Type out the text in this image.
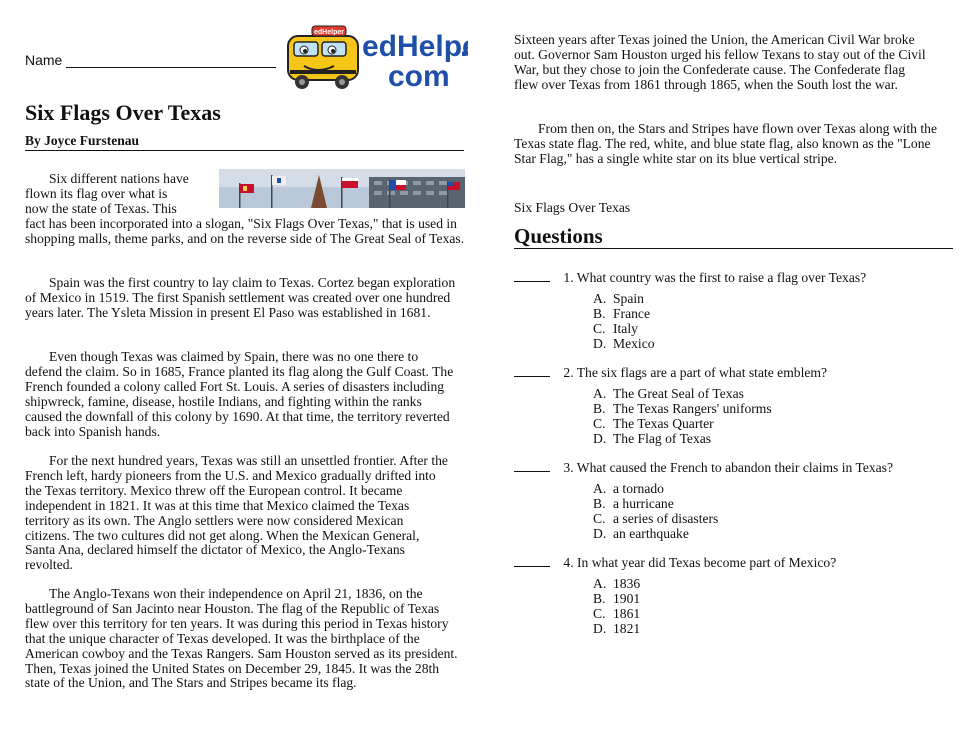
Name
edHelper edHelp
.
com
Six Flags Over Texas
By Joyce Furstenau
Six different nations have
flown its flag over what is
now the state of Texas. This
fact has been incorporated into a slogan, "Six Flags Over Texas," that is used in shopping malls, theme parks, and on the reverse side of The Great Seal of Texas.
Spain was the first country to lay claim to Texas. Cortez began exploration of Mexico in 1519. The first Spanish settlement was created over one hundred years later. The Ysleta Mission in present El Paso was established in 1681.
Even though Texas was claimed by Spain, there was no one there to defend the claim. So in 1685, France planted its flag along the Gulf Coast. The French founded a colony called Fort St. Louis. A series of disasters including shipwreck, famine, disease, hostile Indians, and fighting within the ranks caused the downfall of this colony by 1690. At that time, the territory reverted back into Spanish hands.
For the next hundred years, Texas was still an unsettled frontier. After the French left, hardy pioneers from the U.S. and Mexico gradually drifted into the Texas territory. Mexico threw off the European control. It became independent in 1821. It was at this time that Mexico claimed the Texas territory as its own. The Anglo settlers were now considered Mexican citizens. The two cultures did not get along. When the Mexican General, Santa Ana, declared himself the dictator of Mexico, the Anglo-Texans revolted.
The Anglo-Texans won their independence on April 21, 1836, on the battleground of San Jacinto near Houston. The flag of the Republic of Texas flew over this territory for ten years. It was during this period in Texas history that the unique character of Texas developed. It was the birthplace of the American cowboy and the Texas Rangers. Sam Houston served as its president. Then, Texas joined the United States on December 29, 1845. It was the 28th state of the Union, and The Stars and Stripes became its flag.
Sixteen years after Texas joined the Union, the American Civil War broke out. Governor Sam Houston urged his fellow Texans to stay out of the Civil War, but they chose to join the Confederate cause. The Confederate flag flew over Texas from 1861 through 1865, when the South lost the war.
From then on, the Stars and Stripes have flown over Texas along with the Texas state flag. The red, white, and blue state flag, also known as the "Lone Star Flag," has a single white star on its blue vertical stripe.
Six Flags Over Texas
Questions
1. What country was the first to raise a flag over Texas?
A. Spain
B. France
C. Italy
D. Mexico
2. The six flags are a part of what state emblem?
A. The Great Seal of Texas
B. The Texas Rangers' uniforms
C. The Texas Quarter
D. The Flag of Texas
3. What caused the French to abandon their claims in Texas?
A. a tornado
B. a hurricane
C. a series of disasters
D. an earthquake
4. In what year did Texas become part of Mexico?
A. 1836
B. 1901
C. 1861
D. 1821
